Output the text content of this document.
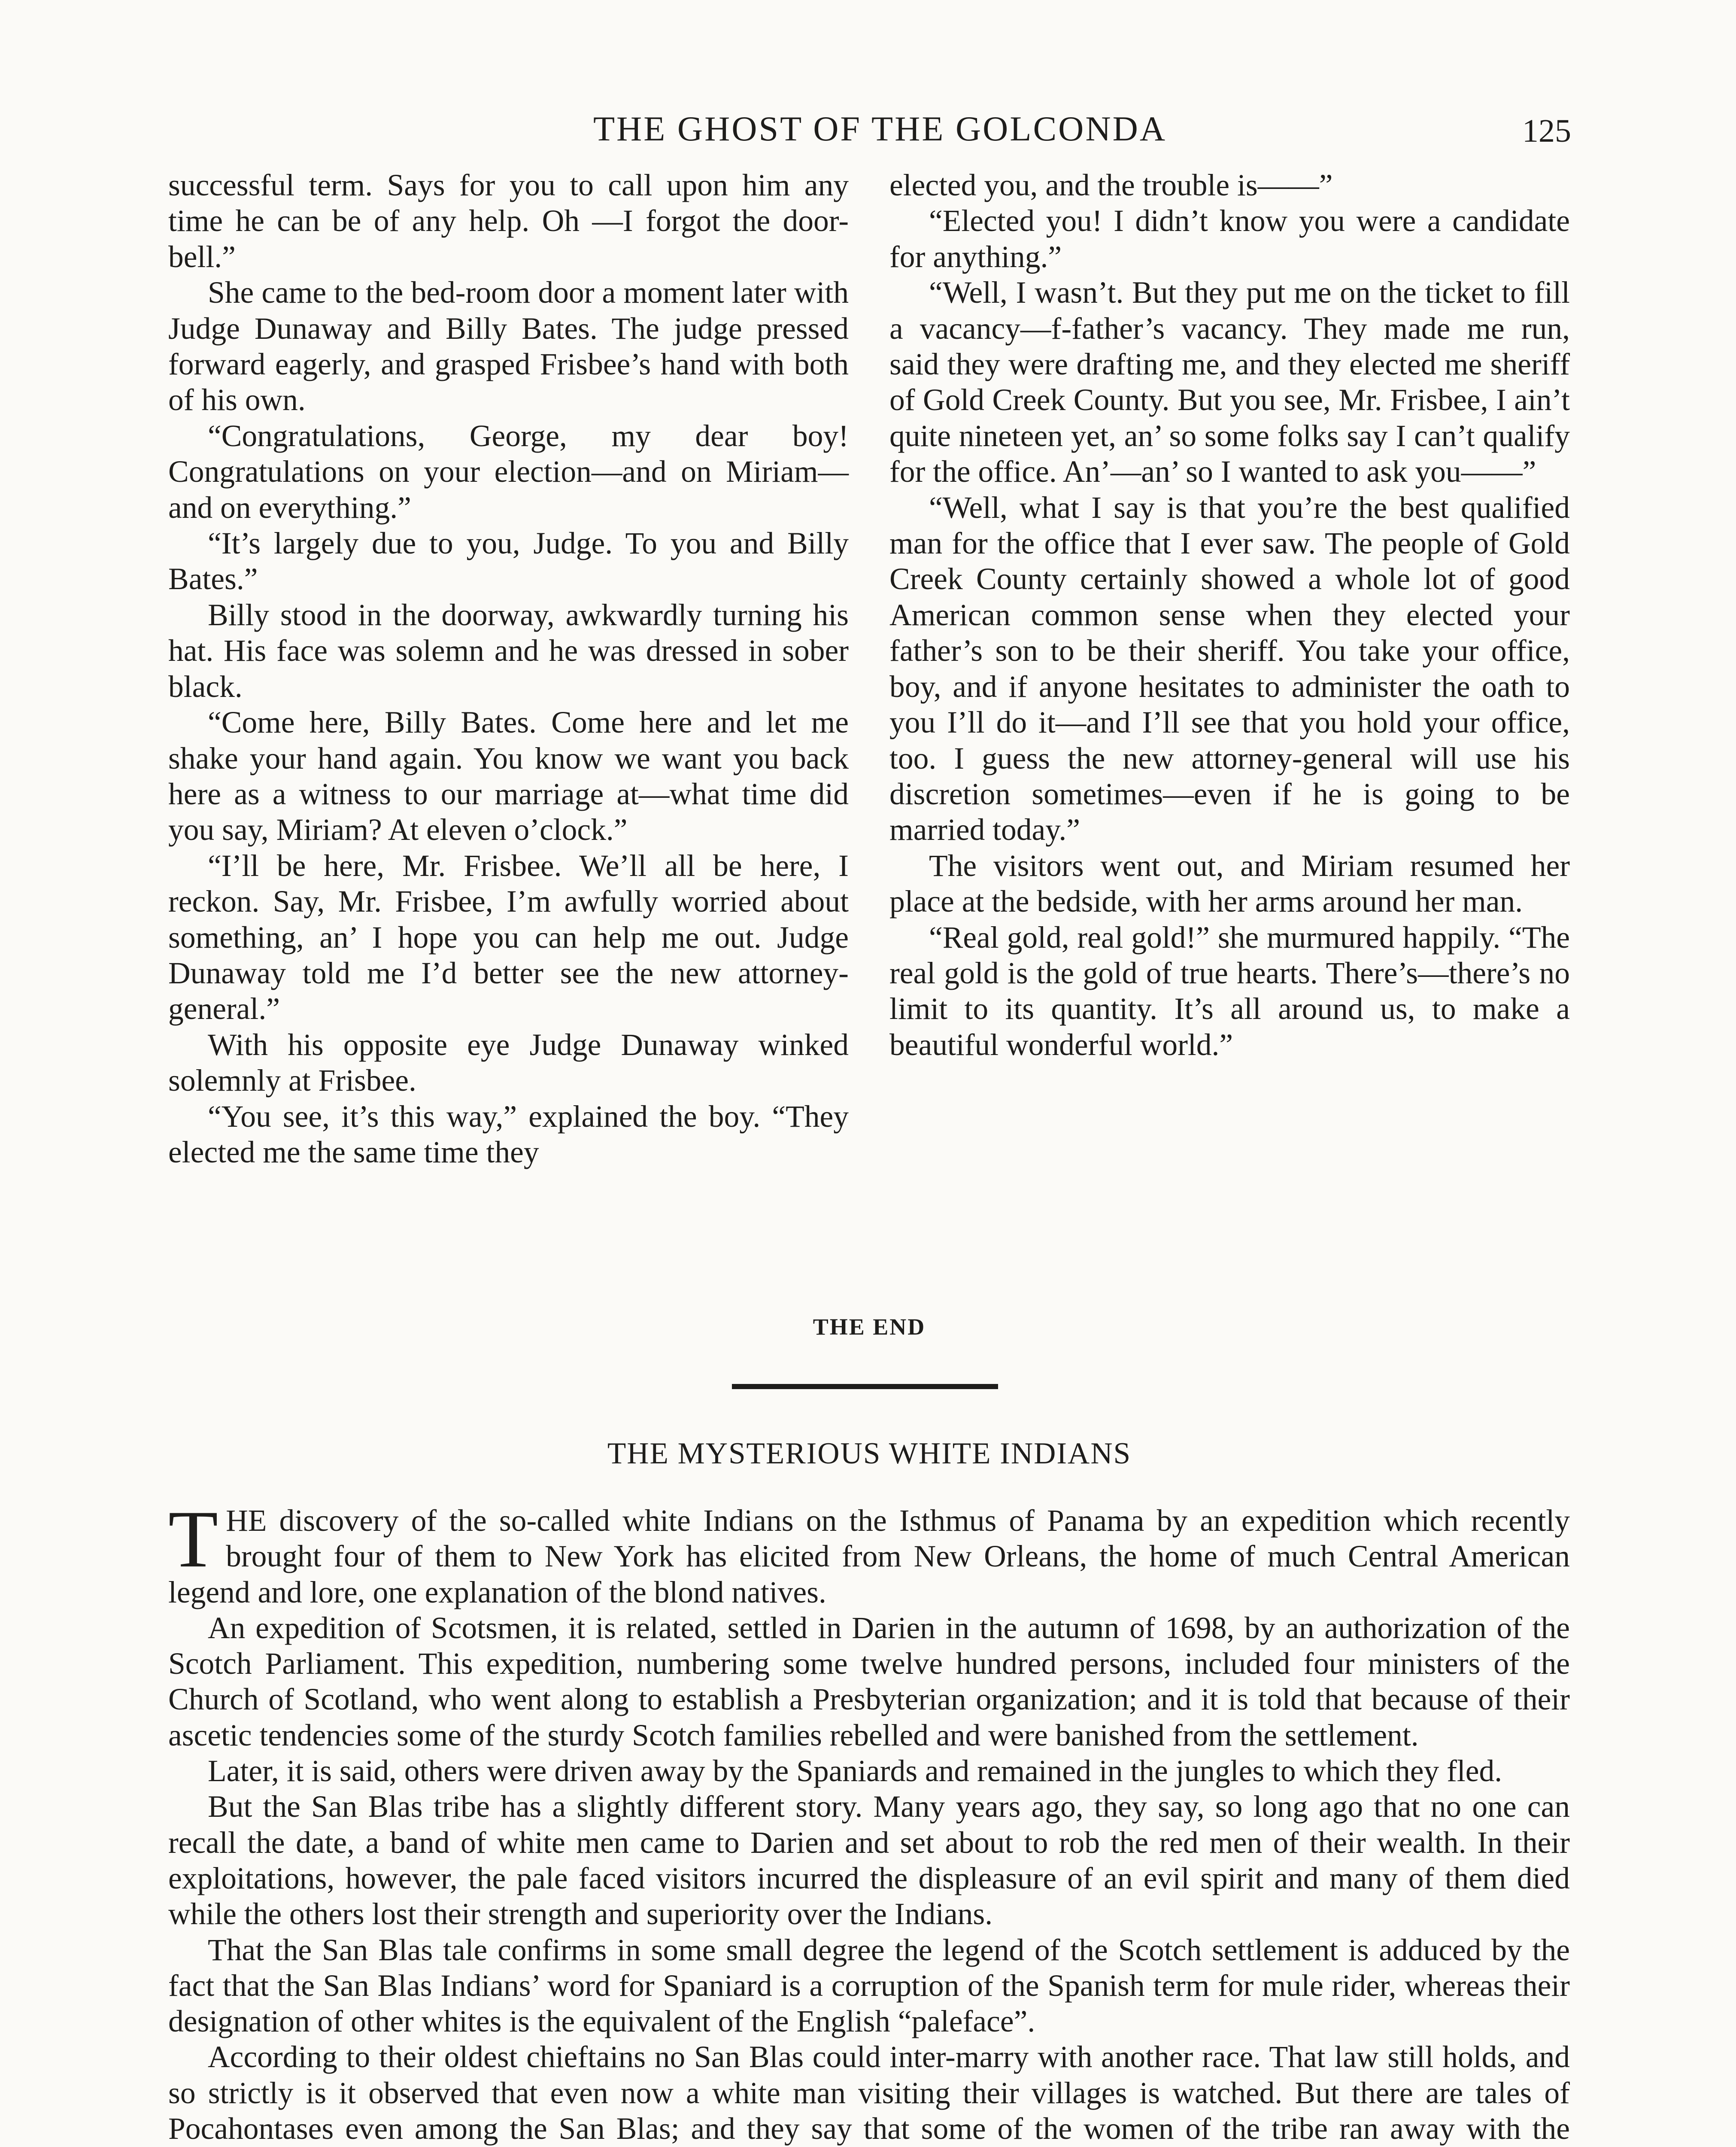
THE GHOST OF THE GOLCONDA	125

successful term. Says for you to call upon him any time he can be of any help. Oh —I forgot the door-bell.”

She came to the bed-room door a moment later with Judge Dunaway and Billy Bates. The judge pressed forward eagerly, and grasped Frisbee’s hand with both of his own.

“Congratulations, George, my dear boy! Congratulations on your election—and on Miriam—and on everything.”

“It’s largely due to you, Judge. To you and Billy Bates.”

Billy stood in the doorway, awkwardly turning his hat. His face was solemn and he was dressed in sober black.

“Come here, Billy Bates. Come here and let me shake your hand again. You know we want you back here as a witness to our marriage at—what time did you say, Miriam? At eleven o’clock.”

“I’ll be here, Mr. Frisbee. We’ll all be here, I reckon. Say, Mr. Frisbee, I’m awfully worried about something, an’ I hope you can help me out. Judge Dunaway told me I’d better see the new attorney-general.”

With his opposite eye Judge Dunaway winked solemnly at Frisbee.

“You see, it’s this way,” explained the boy. “They elected me the same time they

elected you, and the trouble is——”

“Elected you! I didn’t know you were a candidate for anything.”

“Well, I wasn’t. But they put me on the ticket to fill a vacancy—f-father’s vacancy. They made me run, said they were drafting me, and they elected me sheriff of Gold Creek County. But you see, Mr. Frisbee, I ain’t quite nineteen yet, an’ so some folks say I can’t qualify for the office. An’—an’ so I wanted to ask you——”

“Well, what I say is that you’re the best qualified man for the office that I ever saw. The people of Gold Creek County certainly showed a whole lot of good American common sense when they elected your father’s son to be their sheriff. You take your office, boy, and if anyone hesitates to administer the oath to you I’ll do it—and I’ll see that you hold your office, too. I guess the new attorney-general will use his discretion sometimes—even if he is going to be married today.”

The visitors went out, and Miriam resumed her place at the bedside, with her arms around her man.

“Real gold, real gold!” she murmured happily. “The real gold is the gold of true hearts. There’s—there’s no limit to its quantity. It’s all around us, to make a beautiful wonderful world.”

THE END
THE MYSTERIOUS WHITE INDIANS

THE discovery of the so-called white Indians on the Isthmus of Panama by an expedition which recently brought four of them to New York has elicited from New Orleans, the home of much Central American legend and lore, one explanation of the blond natives.

An expedition of Scotsmen, it is related, settled in Darien in the autumn of 1698, by an authorization of the Scotch Parliament. This expedition, numbering some twelve hundred persons, included four ministers of the Church of Scotland, who went along to establish a Presbyterian organization; and it is told that because of their ascetic tendencies some of the sturdy Scotch families rebelled and were banished from the settlement.

Later, it is said, others were driven away by the Spaniards and remained in the jungles to which they fled.

But the San Blas tribe has a slightly different story. Many years ago, they say, so long ago that no one can recall the date, a band of white men came to Darien and set about to rob the red men of their wealth. In their exploitations, however, the pale faced visitors incurred the displeasure of an evil spirit and many of them died while the others lost their strength and superiority over the Indians.

That the San Blas tale confirms in some small degree the legend of the Scotch settlement is adduced by the fact that the San Blas Indians’ word for Spaniard is a corruption of the Spanish term for mule rider, whereas their designation of other whites is the equivalent of the English “paleface”.

According to their oldest chieftains no San Blas could inter-marry with another race. That law still holds, and so strictly is it observed that even now a white man visiting their villages is watched. But there are tales of Pocahontases even among the San Blas; and they say that some of the women of the tribe ran away with the
